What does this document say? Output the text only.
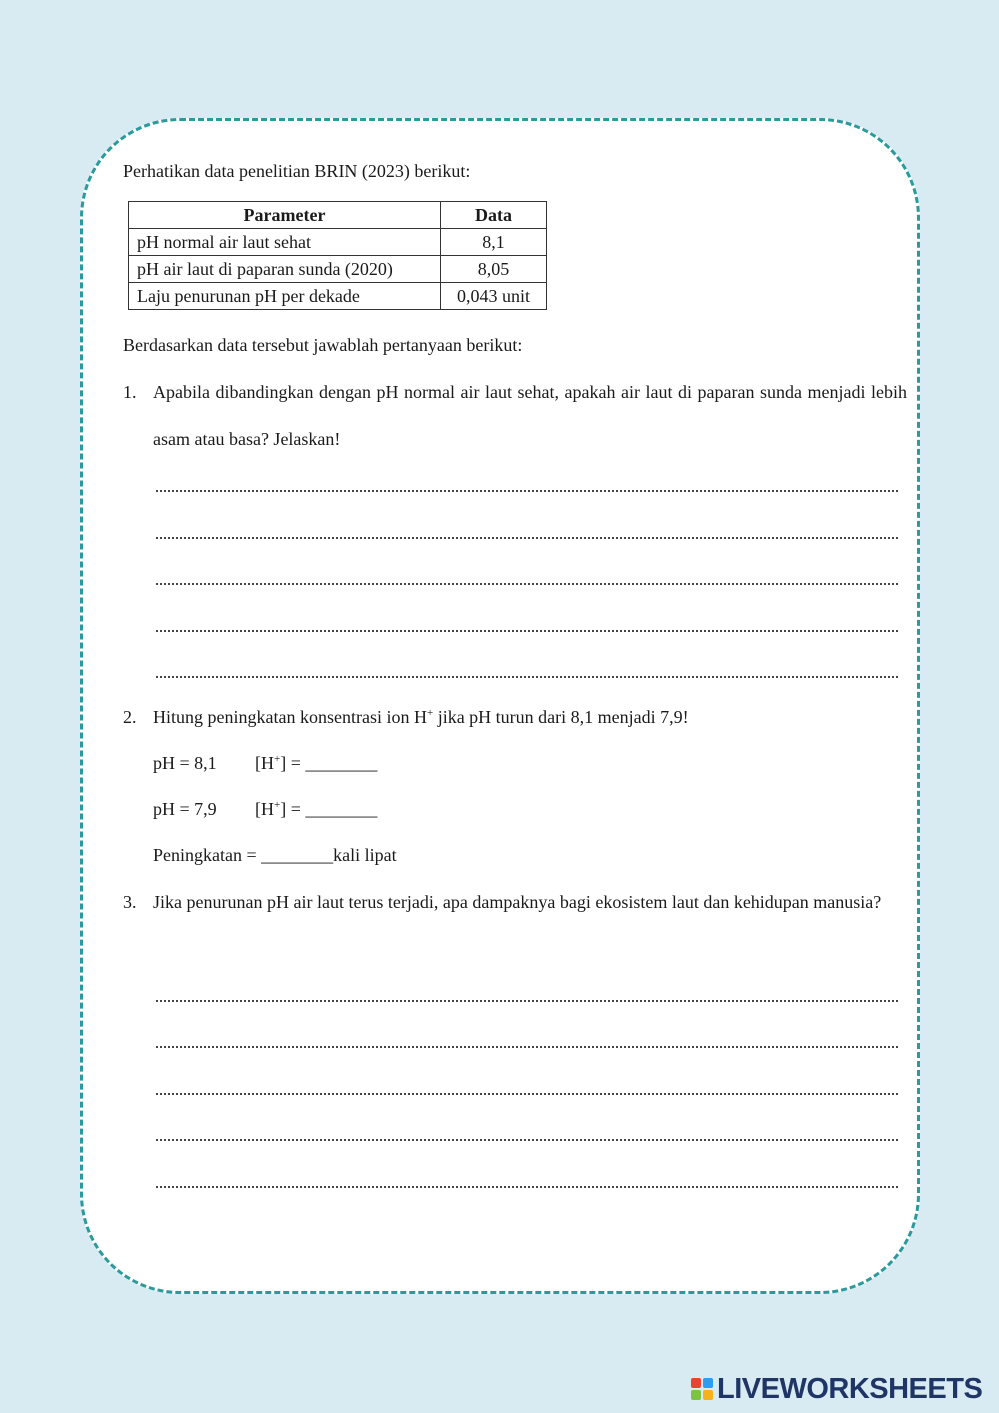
Perhatikan data penelitian BRIN (2023) berikut:
Parameter	Data
pH normal air laut sehat	8,1
pH air laut di paparan sunda (2020)	8,05
Laju penurunan pH per dekade	0,043 unit
Berdasarkan data tersebut jawablah pertanyaan berikut:
1. Apabila dibandingkan dengan pH normal air laut sehat, apakah air laut di paparan sunda menjadi lebih asam atau basa? Jelaskan!
2. Hitung peningkatan konsentrasi ion H+ jika pH turun dari 8,1 menjadi 7,9!
pH = 8,1 [H+] = ________
pH = 7,9 [H+] = ________
Peningkatan = ________kali lipat
3. Jika penurunan pH air laut terus terjadi, apa dampaknya bagi ekosistem laut dan kehidupan manusia?
LIVEWORKSHEETS
